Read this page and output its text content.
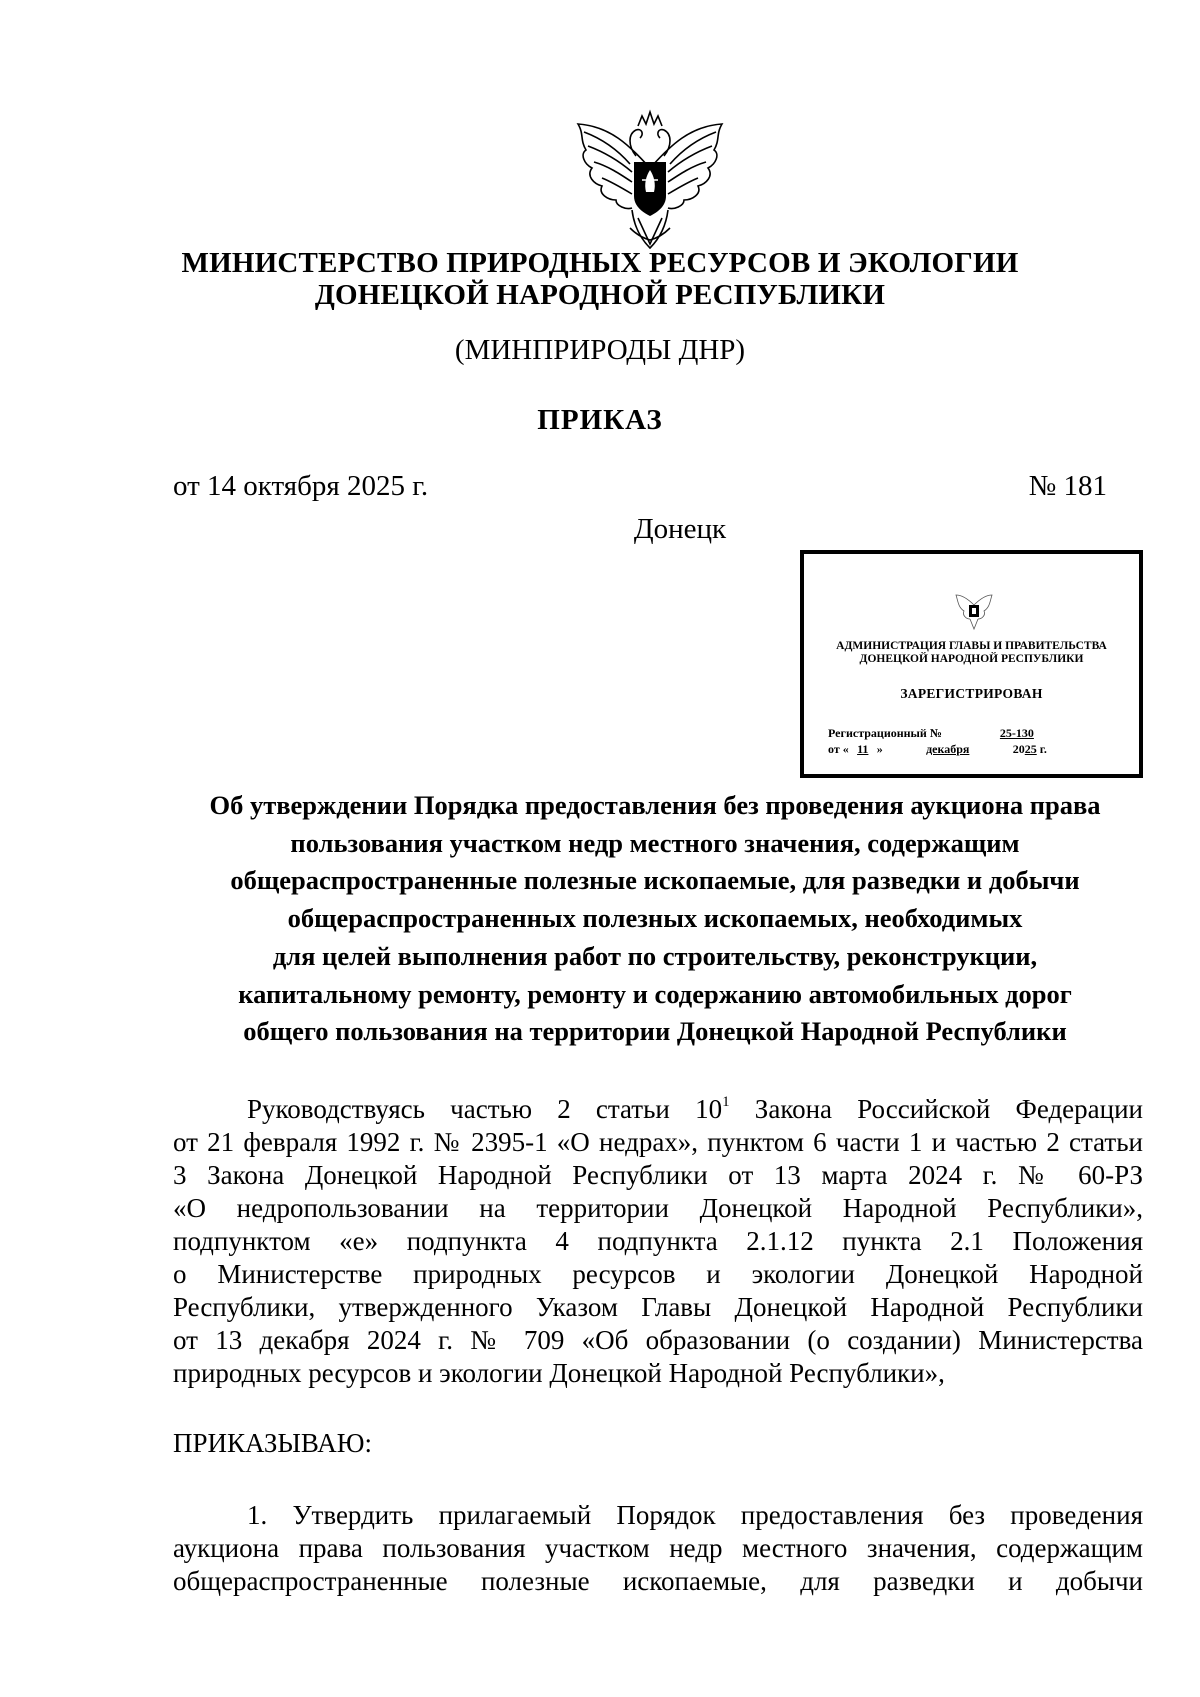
МИНИСТЕРСТВО ПРИРОДНЫХ РЕСУРСОВ И ЭКОЛОГИИ
ДОНЕЦКОЙ НАРОДНОЙ РЕСПУБЛИКИ
(МИНПРИРОДЫ ДНР)
ПРИКАЗ
от 14 октября 2025 г.	№ 181
Донецк
АДМИНИСТРАЦИЯ ГЛАВЫ И ПРАВИТЕЛЬСТВА
ДОНЕЦКОЙ НАРОДНОЙ РЕСПУБЛИКИ
ЗАРЕГИСТРИРОВАН
Регистрационный №	25-130
от « 11 »	декабря	2025 г.
Об утверждении Порядка предоставления без проведения аукциона права
пользования участком недр местного значения, содержащим
общераспространенные полезные ископаемые, для разведки и добычи
общераспространенных полезных ископаемых, необходимых
для целей выполнения работ по строительству, реконструкции,
капитальному ремонту, ремонту и содержанию автомобильных дорог
общего пользования на территории Донецкой Народной Республики
Руководствуясь частью 2 статьи $10^1$ Закона Российской Федерации
от 21 февраля 1992 г. № 2395-1 «О недрах», пунктом 6 части 1 и частью 2 статьи
3 Закона Донецкой Народной Республики от 13 марта 2024 г. № 60-РЗ
«О недропользовании на территории Донецкой Народной Республики»,
подпунктом «е» подпункта 4 подпункта 2.1.12 пункта 2.1 Положения
о Министерстве природных ресурсов и экологии Донецкой Народной
Республики, утвержденного Указом Главы Донецкой Народной Республики
от 13 декабря 2024 г. № 709 «Об образовании (о создании) Министерства
природных ресурсов и экологии Донецкой Народной Республики»,
ПРИКАЗЫВАЮ:
1. Утвердить прилагаемый Порядок предоставления без проведения
аукциона права пользования участком недр местного значения, содержащим
общераспространенные полезные ископаемые, для разведки и добычи
